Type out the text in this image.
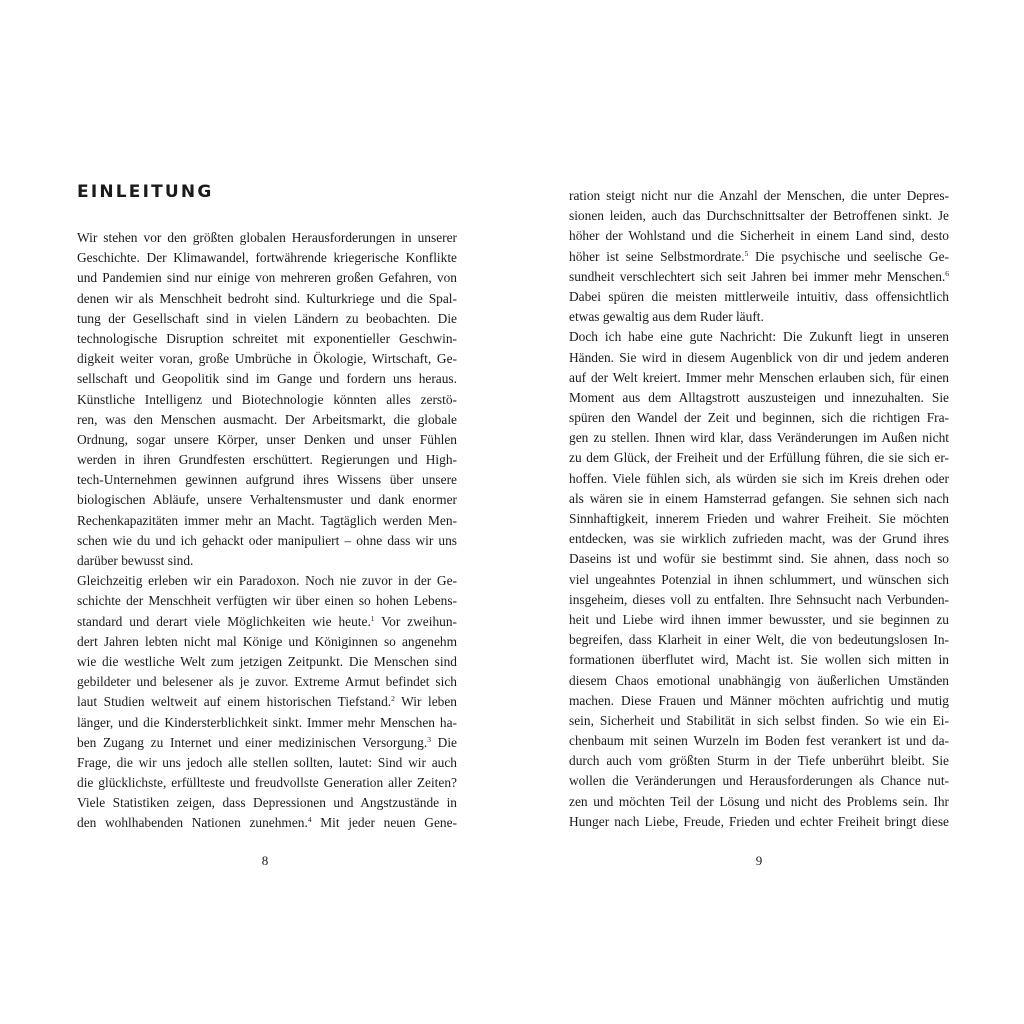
EINLEITUNG
Wir stehen vor den größten globalen Herausforderungen in unserer
Geschichte. Der Klimawandel, fortwährende kriegerische Konflikte
und Pandemien sind nur einige von mehreren großen Gefahren, von
denen wir als Menschheit bedroht sind. Kulturkriege und die Spal-
tung der Gesellschaft sind in vielen Ländern zu beobachten. Die
technologische Disruption schreitet mit exponentieller Geschwin-
digkeit weiter voran, große Umbrüche in Ökologie, Wirtschaft, Ge-
sellschaft und Geopolitik sind im Gange und fordern uns heraus.
Künstliche Intelligenz und Biotechnologie könnten alles zerstö-
ren, was den Menschen ausmacht. Der Arbeitsmarkt, die globale
Ordnung, sogar unsere Körper, unser Denken und unser Fühlen
werden in ihren Grundfesten erschüttert. Regierungen und High-
tech-Unternehmen gewinnen aufgrund ihres Wissens über unsere
biologischen Abläufe, unsere Verhaltensmuster und dank enormer
Rechenkapazitäten immer mehr an Macht. Tagtäglich werden Men-
schen wie du und ich gehackt oder manipuliert – ohne dass wir uns
darüber bewusst sind.
Gleichzeitig erleben wir ein Paradoxon. Noch nie zuvor in der Ge-
schichte der Menschheit verfügten wir über einen so hohen Lebens-
standard und derart viele Möglichkeiten wie heute.$^1$ Vor zweihun-
dert Jahren lebten nicht mal Könige und Königinnen so angenehm
wie die westliche Welt zum jetzigen Zeitpunkt. Die Menschen sind
gebildeter und belesener als je zuvor. Extreme Armut befindet sich
laut Studien weltweit auf einem historischen Tiefstand.$^2$ Wir leben
länger, und die Kindersterblichkeit sinkt. Immer mehr Menschen ha-
ben Zugang zu Internet und einer medizinischen Versorgung.$^3$ Die
Frage, die wir uns jedoch alle stellen sollten, lautet: Sind wir auch
die glücklichste, erfüllteste und freudvollste Generation aller Zeiten?
Viele Statistiken zeigen, dass Depressionen und Angstzustände in
den wohlhabenden Nationen zunehmen.$^4$ Mit jeder neuen Gene-
8
ration steigt nicht nur die Anzahl der Menschen, die unter Depres-
sionen leiden, auch das Durchschnittsalter der Betroffenen sinkt. Je
höher der Wohlstand und die Sicherheit in einem Land sind, desto
höher ist seine Selbstmordrate.$^5$ Die psychische und seelische Ge-
sundheit verschlechtert sich seit Jahren bei immer mehr Menschen.$^6$
Dabei spüren die meisten mittlerweile intuitiv, dass offensichtlich
etwas gewaltig aus dem Ruder läuft.
Doch ich habe eine gute Nachricht: Die Zukunft liegt in unseren
Händen. Sie wird in diesem Augenblick von dir und jedem anderen
auf der Welt kreiert. Immer mehr Menschen erlauben sich, für einen
Moment aus dem Alltagstrott auszusteigen und innezuhalten. Sie
spüren den Wandel der Zeit und beginnen, sich die richtigen Fra-
gen zu stellen. Ihnen wird klar, dass Veränderungen im Außen nicht
zu dem Glück, der Freiheit und der Erfüllung führen, die sie sich er-
hoffen. Viele fühlen sich, als würden sie sich im Kreis drehen oder
als wären sie in einem Hamsterrad gefangen. Sie sehnen sich nach
Sinnhaftigkeit, innerem Frieden und wahrer Freiheit. Sie möchten
entdecken, was sie wirklich zufrieden macht, was der Grund ihres
Daseins ist und wofür sie bestimmt sind. Sie ahnen, dass noch so
viel ungeahntes Potenzial in ihnen schlummert, und wünschen sich
insgeheim, dieses voll zu entfalten. Ihre Sehnsucht nach Verbunden-
heit und Liebe wird ihnen immer bewusster, und sie beginnen zu
begreifen, dass Klarheit in einer Welt, die von bedeutungslosen In-
formationen überflutet wird, Macht ist. Sie wollen sich mitten in
diesem Chaos emotional unabhängig von äußerlichen Umständen
machen. Diese Frauen und Männer möchten aufrichtig und mutig
sein, Sicherheit und Stabilität in sich selbst finden. So wie ein Ei-
chenbaum mit seinen Wurzeln im Boden fest verankert ist und da-
durch auch vom größten Sturm in der Tiefe unberührt bleibt. Sie
wollen die Veränderungen und Herausforderungen als Chance nut-
zen und möchten Teil der Lösung und nicht des Problems sein. Ihr
Hunger nach Liebe, Freude, Frieden und echter Freiheit bringt diese
9
